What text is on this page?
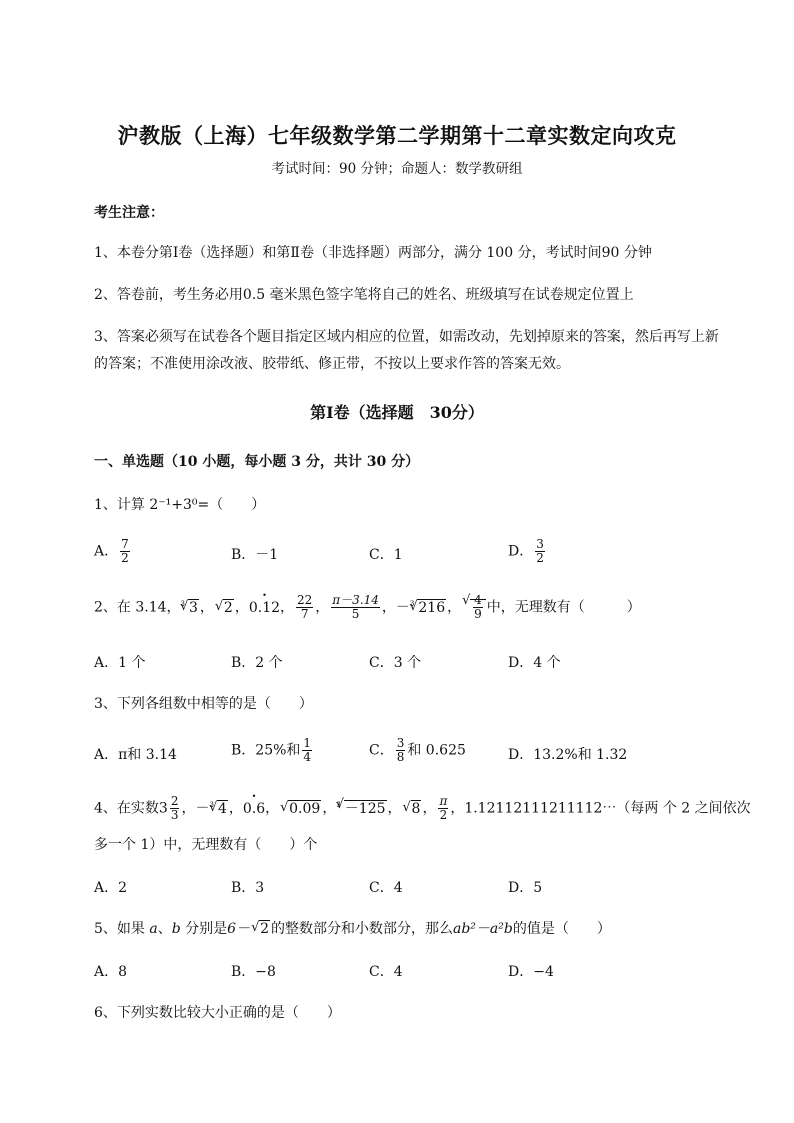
沪教版（上海）七年级数学第二学期第十二章实数定向攻克
考试时间：90 分钟；命题人：数学教研组
考生注意：
1、本卷分第Ⅰ卷（选择题）和第Ⅱ卷（非选择题）两部分，满分 100 分，考试时间90 分钟
2、答卷前，考生务必用0.5 毫米黑色签字笔将自己的姓名、班级填写在试卷规定位置上
3、答案必须写在试卷各个题目指定区域内相应的位置，如需改动，先划掉原来的答案，然后再写上新
的答案；不准使用涂改液、胶带纸、修正带，不按以上要求作答的答案无效。
第Ⅰ卷（选择题　30分）
一、单选题（10 小题，每小题 3 分，共计 30 分）
1、计算 2⁻¹+3⁰=（　　）
A． $\frac{7}{2}$	B．－1	C．1	D． $\frac{3}{2}$
2、在 3.14，$^3$ √ 3 ， √ 2 ，• 0.12， $\frac{22}{7}$ ， $\frac{\pi-3.14}{5}$ ，－$^3$ √ 216 ， √ $\frac{4}{9}$ 中，无理数有（　　　）
A．1 个	B．2 个	C．3 个	D．4 个
3、下列各组数中相等的是（　　）
A．π和 3.14	B．25%和 $\frac{1}{4}$	C． $\frac{3}{8}$ 和 0.625	D．13.2%和 1.32
4、在实数$3 \frac{2}{3}$ ，－$^3$ √ 4 ，• 0.6， √ 0.09 ，$^3$ √ －125 ， √ 8 ， $\frac{\pi}{2}$ ，1.12112111211112⋯（每两 个 2 之间依次
多一个 1）中，无理数有（　　）个
A．2	B．3	C．4	D．5
5、如果 a、b 分别是6－ √ 2 的整数部分和小数部分，那么ab²－a²b的值是（　　）
A．8	B．−8	C．4	D．−4
6、下列实数比较大小正确的是（　　）
